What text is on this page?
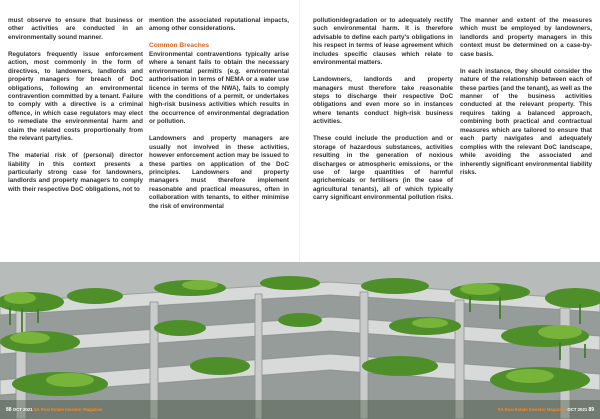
must observe to ensure that business or other activities are conducted in an environmentally sound manner.

Regulators frequently issue enforcement action, most commonly in the form of directives, to landowners, landlords and property managers for breach of DoC obligations, following an environmental contravention committed by a tenant. Failure to comply with a directive is a criminal offence, in which case regulators may elect to remediate the environmental harm and claim the related costs proportionally from the relevant party/ies.

The material risk of (personal) director liability in this context presents a particularly strong case for landowners, landlords and property managers to comply with their respective DoC obligations, not to

mention the associated reputational impacts, among other considerations.

Common Breaches

Environmental contraventions typically arise where a tenant fails to obtain the necessary environmental permit/s (e.g. environmental authorisation in terms of NEMA or a water use licence in terms of the NWA), fails to comply with the conditions of a permit, or undertakes high-risk business activities which results in the occurrence of environmental degradation or pollution.

Landowners and property managers are usually not involved in these activities, however enforcement action may be issued to these parties on application of the DoC principles. Landowners and property managers must therefore implement reasonable and practical measures, often in collaboration with tenants, to either minimise the risk of environmental

pollution/degradation or to adequately rectify such environmental harm. It is therefore advisable to define each party's obligations in his respect in terms of lease agreement which includes specific clauses which relate to environmental matters.

Landowners, landlords and property managers must therefore take reasonable steps to discharge their respective DoC obligations and even more so in instances where tenants conduct high-risk business activities.

These could include the production and or storage of hazardous substances, activities resulting in the generation of noxious discharges or atmospheric emissions, or the use of large quantities of harmful agrichemicals or fertilisers (in the case of agricultural tenants), all of which typically carry significant environmental pollution risks.

The manner and extent of the measures which must be employed by landowners, landlords and property managers in this context must be determined on a case-by-case basis.

In each instance, they should consider the nature of the relationship between each of these parties (and the tenant), as well as the manner of the business activities conducted at the relevant property. This requires taking a balanced approach, combining both practical and contractual measures which are tailored to ensure that each party navigates and adequately complies with the relevant DoC landscape, while avoiding the associated and inherently significant environmental liability risks.

88 OCT 2021 SA Real Estate Investor Magazine	SA Real Estate Investor Magazine OCT 2021 89
